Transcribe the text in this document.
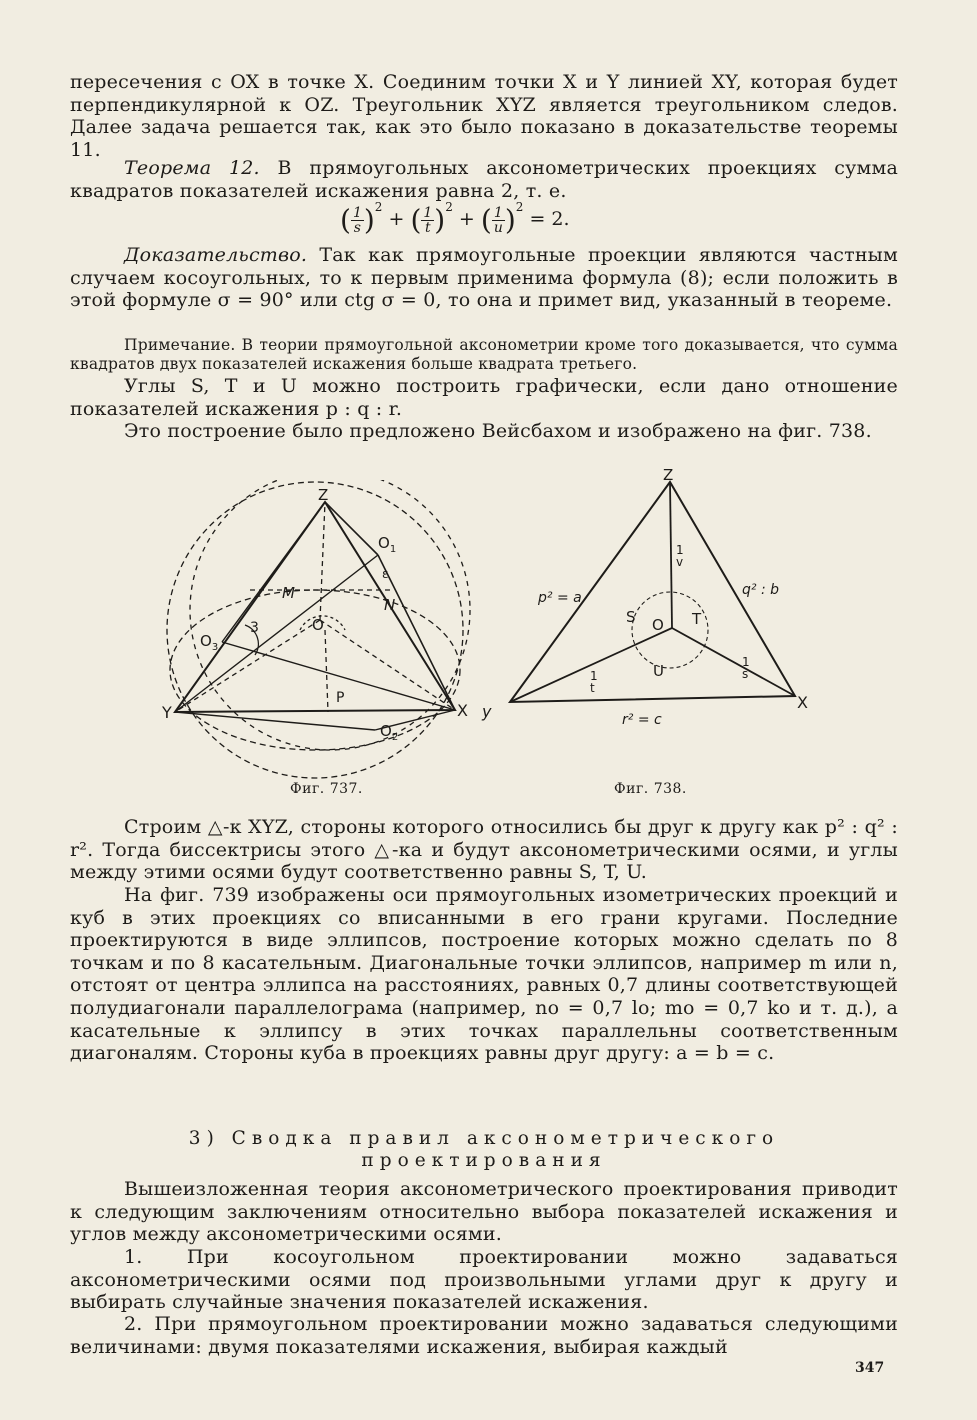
пересечения с OX в точке X. Соединим точки X и Y линией XY, которая будет перпендикулярной к OZ. Треугольник XYZ является треугольником следов. Далее задача решается так, как это было показано в доказательстве теоремы 11.
Теорема 12. В прямоугольных аксонометрических проекциях сумма квадратов показателей искажения равна 2, т. е.
( $\frac{1}{s} )^2$ + ( $\frac{1}{t} )^2$ + ( $\frac{1}{u} )^2 = 2$.
Доказательство. Так как прямоугольные проекции являются частным случаем косоугольных, то к первым применима формула (8); если положить в этой формуле σ = 90° или ctg σ = 0, то она и примет вид, указанный в теореме.
Примечание. В теории прямоугольной аксонометрии кроме того доказывается, что сумма квадратов двух показателей искажения больше квадрата третьего.
Углы S, T и U можно построить графически, если дано отношение показателей искажения p : q : r.
Это построение было предложено Вейсбахом и изображено на фиг. 738.
Z
$O_1$
ε
M
N
$O_3$
3	O
P
Y	X
$O_2$
Z
p² = a	q² : b
1 v
S O T
U
1 t
1 s
y	X
r² = c
Фиг. 737.	Фиг. 738.
Строим △-к XYZ, стороны которого относились бы друг к другу как p² : q² : r². Тогда биссектрисы этого △-ка и будут аксонометрическими осями, и углы между этими осями будут соответственно равны S, T, U.
На фиг. 739 изображены оси прямоугольных изометрических проекций и куб в этих проекциях со вписанными в его грани кругами. Последние проектируются в виде эллипсов, построение которых можно сделать по 8 точкам и по 8 касательным. Диагональные точки эллипсов, например m или n, отстоят от центра эллипса на расстояниях, равных 0,7 длины соответствующей полудиагонали параллелограма (например, no = 0,7 lo; mo = 0,7 ko и т. д.), а касательные к эллипсу в этих точках параллельны соответственным диагоналям. Стороны куба в проекциях равны друг другу: a = b = c.
3) Сводка правил аксонометрического
проектирования
Вышеизложенная теория аксонометрического проектирования приводит к следующим заключениям относительно выбора показателей искажения и углов между аксонометрическими осями.
1. При косоугольном проектировании можно задаваться аксонометрическими осями под произвольными углами друг к другу и выбирать случайные значения показателей искажения.
2. При прямоугольном проектировании можно задаваться следующими величинами: двумя показателями искажения, выбирая каждый
347
